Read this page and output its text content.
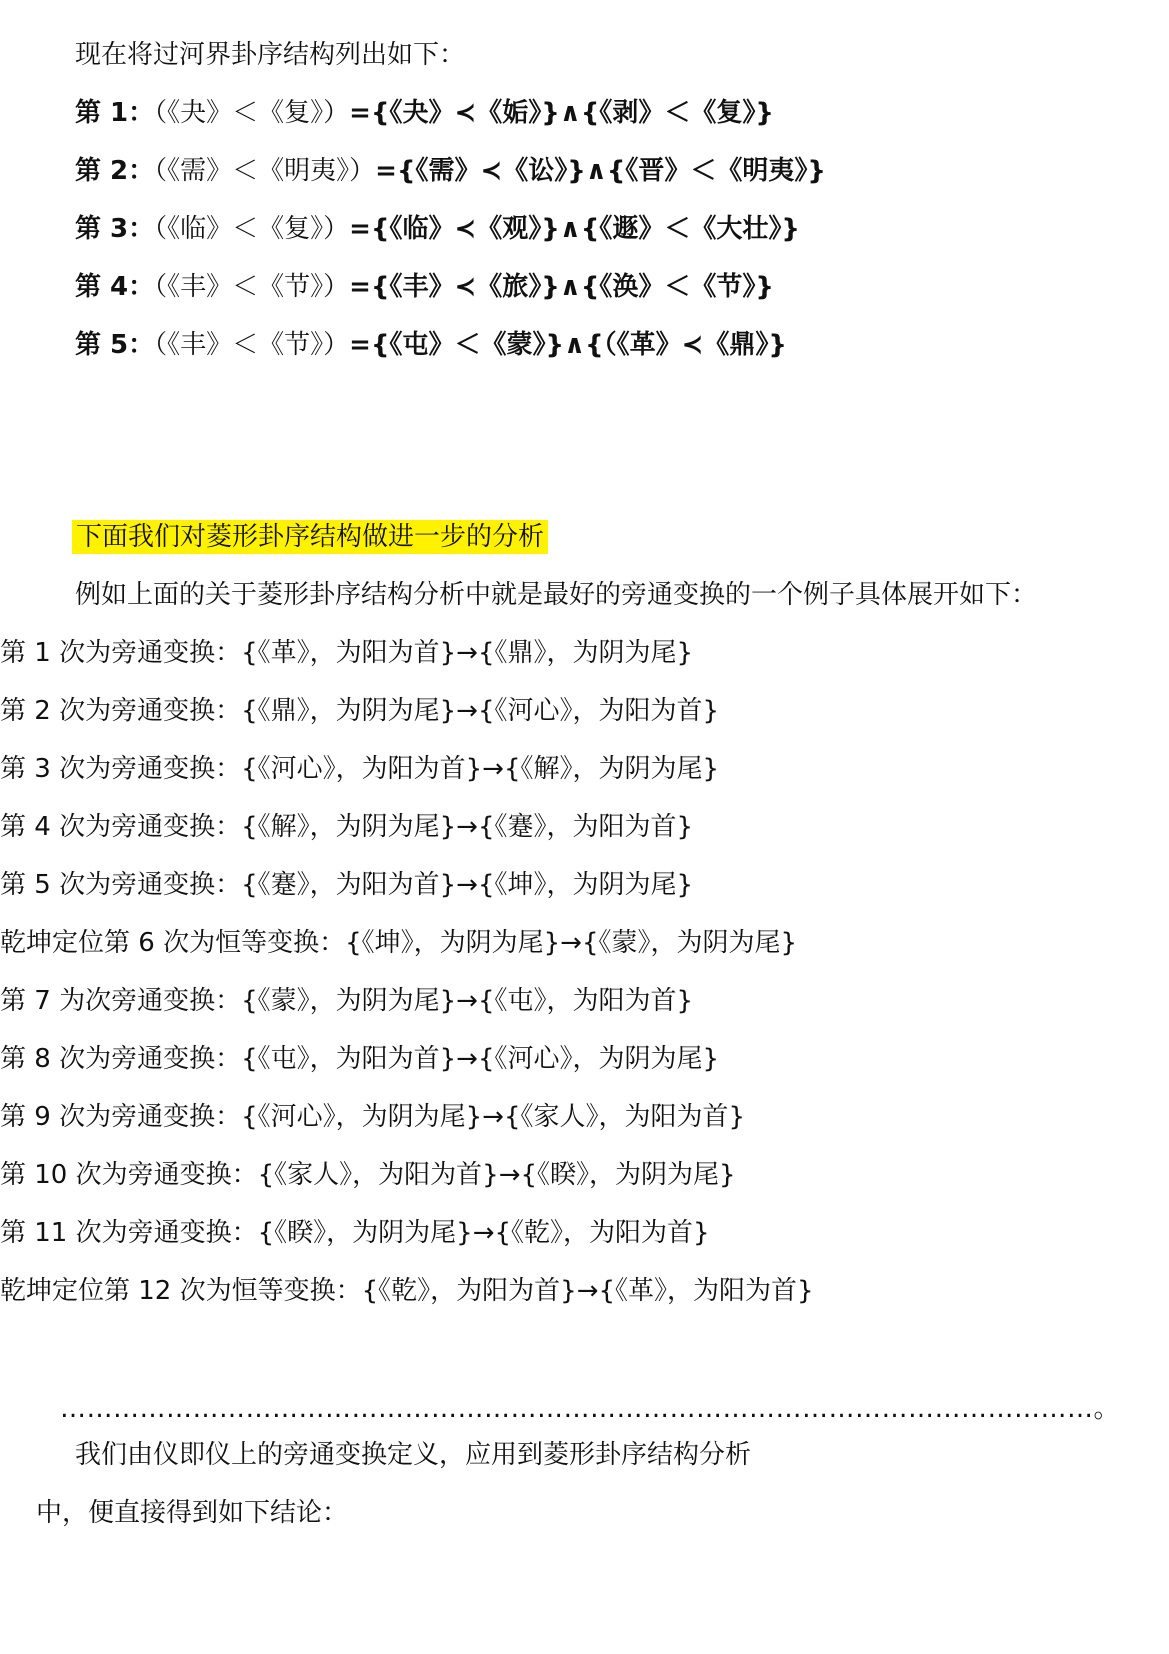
现在将过河界卦序结构列出如下：
第 1：（《夬》＜《复》）={《夬》≺《姤》}∧{《剥》＜《复》}
第 2：（《需》＜《明夷》）={《需》≺《讼》}∧{《晋》＜《明夷》}
第 3：（《临》＜《复》）={《临》≺《观》}∧{《遯》＜《大壮》}
第 4：（《丰》＜《节》）={《丰》≺《旅》}∧{《涣》＜《节》}
第 5：（《丰》＜《节》）={《屯》＜《蒙》}∧{（《革》≺《鼎》}
下面我们对菱形卦序结构做进一步的分析
例如上面的关于菱形卦序结构分析中就是最好的旁通变换的一个例子具体展开如下：
第 1 次为旁通变换：{《革》，为阳为首}→{《鼎》，为阴为尾}
第 2 次为旁通变换：{《鼎》，为阴为尾}→{《河心》，为阳为首}
第 3 次为旁通变换：{《河心》，为阳为首}→{《解》，为阴为尾}
第 4 次为旁通变换：{《解》，为阴为尾}→{《蹇》，为阳为首}
第 5 次为旁通变换：{《蹇》，为阳为首}→{《坤》，为阴为尾}
乾坤定位第 6 次为恒等变换：{《坤》，为阴为尾}→{《蒙》，为阴为尾}
第 7 为次旁通变换：{《蒙》，为阴为尾}→{《屯》，为阳为首}
第 8 次为旁通变换：{《屯》，为阳为首}→{《河心》，为阴为尾}
第 9 次为旁通变换：{《河心》，为阴为尾}→{《家人》，为阳为首}
第 10 次为旁通变换：{《家人》，为阳为首}→{《睽》，为阴为尾}
第 11 次为旁通变换：{《睽》，为阴为尾}→{《乾》，为阳为首}
乾坤定位第 12 次为恒等变换：{《乾》，为阳为首}→{《革》，为阳为首}
………………………………………………………………………………………………………。
我们由仪即仪上的旁通变换定义，应用到菱形卦序结构分析
中，便直接得到如下结论：
